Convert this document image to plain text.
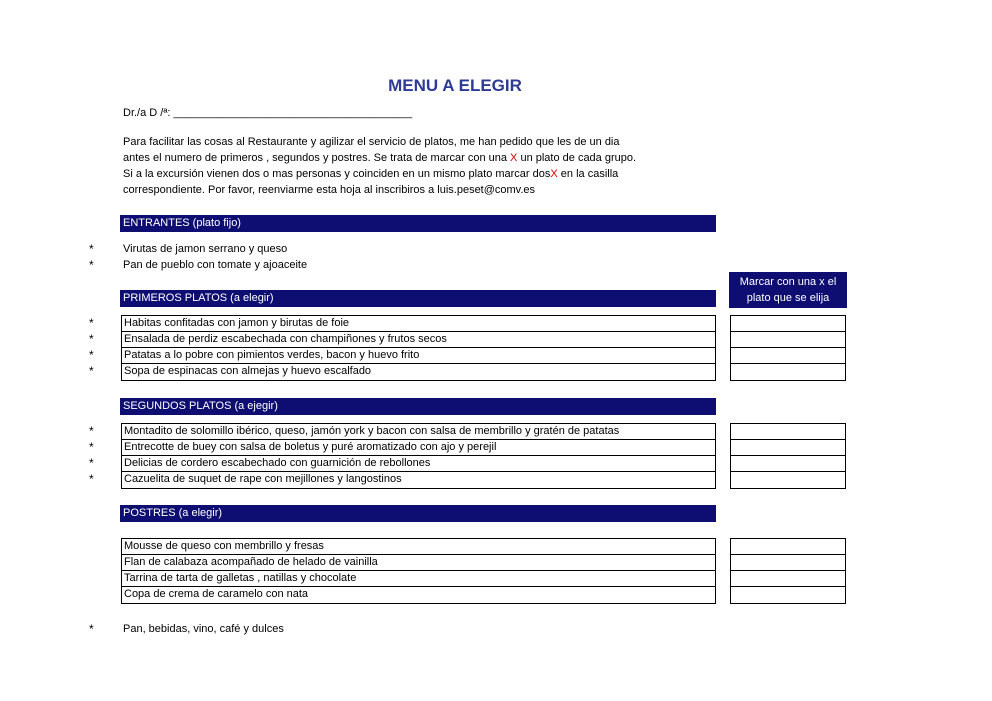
MENU A ELEGIR
Dr./a D /ª: _______________________________________
Para facilitar las cosas al Restaurante y agilizar el servicio de platos, me han pedido que les de un dia
antes el numero de primeros , segundos y postres. Se trata de marcar con una X un plato de cada grupo.
Si a la excursión vienen dos o mas personas y coinciden en un mismo plato marcar dosX en la casilla
correspondiente. Por favor, reenviarme esta hoja al inscribiros a luis.peset@comv.es
ENTRANTES (plato fijo)
*	Virutas de jamon serrano y queso
*	Pan de pueblo con tomate y ajoaceite
Marcar con una x el
plato que se elija
PRIMEROS PLATOS (a elegir)
*
*
*
*
Habitas confitadas con jamon y birutas de foie
Ensalada de perdiz escabechada con champiñones y frutos secos
Patatas a lo pobre con pimientos verdes, bacon y huevo frito
Sopa de espinacas con almejas y huevo escalfado
SEGUNDOS PLATOS (a ejegir)
*
*
*
*
Montadito de solomillo ibérico, queso, jamón york y bacon con salsa de membrillo y gratén de patatas
Entrecotte de buey con salsa de boletus y puré aromatizado con ajo y perejil
Delicias de cordero escabechado con guarnición de rebollones
Cazuelita de suquet de rape con mejillones y langostinos
POSTRES (a elegir)
Mousse de queso con membrillo y fresas
Flan de calabaza acompañado de helado de vainilla
Tarrina de tarta de galletas , natillas y chocolate
Copa de crema de caramelo con nata
*	Pan, bebidas, vino, café y dulces
